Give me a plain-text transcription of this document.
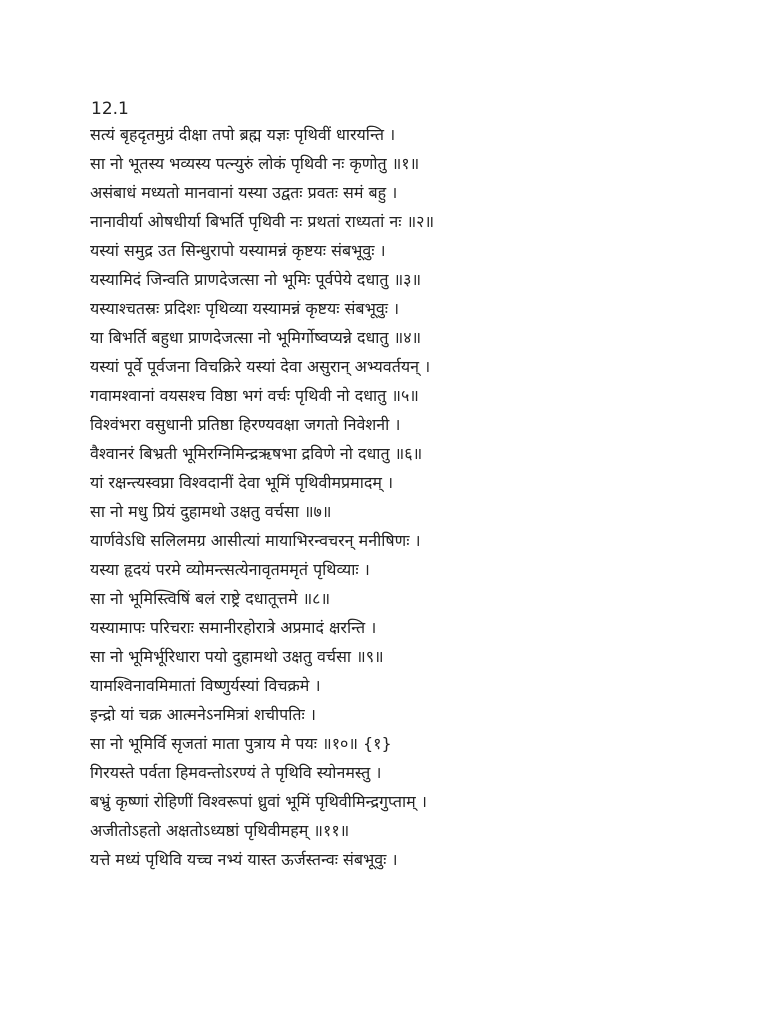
12.1
सत्यं बृहदृतमुग्रं दीक्षा तपो ब्रह्म यज्ञः पृथिवीं धारयन्ति ।
सा नो भूतस्य भव्यस्य पत्न्युरुं लोकं पृथिवी नः कृणोतु ॥१॥
असंबाधं मध्यतो मानवानां यस्या उद्वतः प्रवतः समं बहु ।
नानावीर्या ओषधीर्या बिभर्ति पृथिवी नः प्रथतां राध्यतां नः ॥२॥
यस्यां समुद्र उत सिन्धुरापो यस्यामन्नं कृष्टयः संबभूवुः ।
यस्यामिदं जिन्वति प्राणदेजत्सा नो भूमिः पूर्वपेये दधातु ॥३॥
यस्याश्चतस्रः प्रदिशः पृथिव्या यस्यामन्नं कृष्टयः संबभूवुः ।
या बिभर्ति बहुधा प्राणदेजत्सा नो भूमिर्गोष्वप्यन्ने दधातु ॥४॥
यस्यां पूर्वे पूर्वजना विचक्रिरे यस्यां देवा असुरान् अभ्यवर्तयन् ।
गवामश्वानां वयसश्च विष्ठा भगं वर्चः पृथिवी नो दधातु ॥५॥
विश्वंभरा वसुधानी प्रतिष्ठा हिरण्यवक्षा जगतो निवेशनी ।
वैश्वानरं बिभ्रती भूमिरग्निमिन्द्रऋषभा द्रविणे नो दधातु ॥६॥
यां रक्षन्त्यस्वप्ना विश्वदानीं देवा भूमिं पृथिवीमप्रमादम् ।
सा नो मधु प्रियं दुहामथो उक्षतु वर्चसा ॥७॥
यार्णवेऽधि सलिलमग्र आसीत्यां मायाभिरन्वचरन् मनीषिणः ।
यस्या हृदयं परमे व्योमन्त्सत्येनावृतममृतं पृथिव्याः ।
सा नो भूमिस्त्विषिं बलं राष्ट्रे दधातूत्तमे ॥८॥
यस्यामापः परिचराः समानीरहोरात्रे अप्रमादं क्षरन्ति ।
सा नो भूमिर्भूरिधारा पयो दुहामथो उक्षतु वर्चसा ॥९॥
यामश्विनावमिमातां विष्णुर्यस्यां विचक्रमे ।
इन्द्रो यां चक्र आत्मनेऽनमित्रां शचीपतिः ।
सा नो भूमिर्वि सृजतां माता पुत्राय मे पयः ॥१०॥ {१}
गिरयस्ते पर्वता हिमवन्तोऽरण्यं ते पृथिवि स्योनमस्तु ।
बभ्रुं कृष्णां रोहिणीं विश्वरूपां ध्रुवां भूमिं पृथिवीमिन्द्रगुप्ताम् ।
अजीतोऽहतो अक्षतोऽध्यष्ठां पृथिवीमहम् ॥११॥
यत्ते मध्यं पृथिवि यच्च नभ्यं यास्त ऊर्जस्तन्वः संबभूवुः ।
